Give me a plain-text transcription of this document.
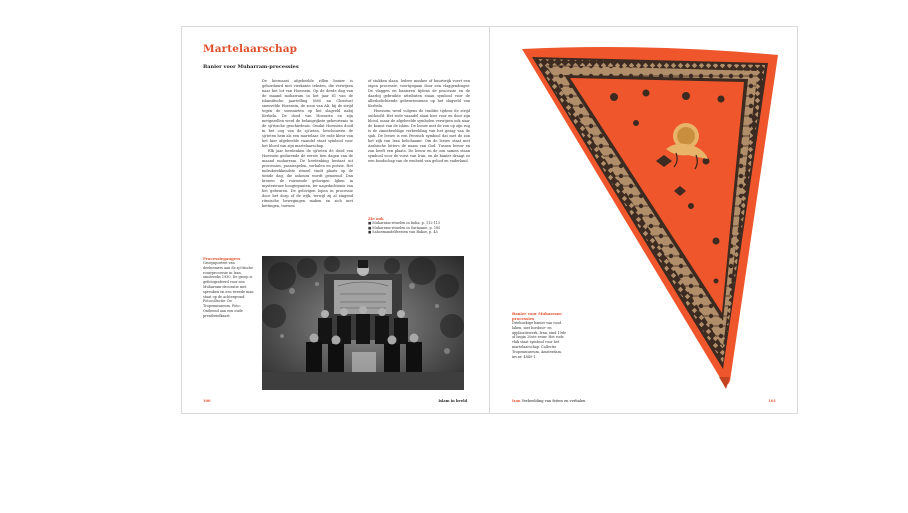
Martelaarschap
Banier voor Muharram-processies

De hiernaast afgebeelde rillen banier is geborduurd met vierkante teksten, die verwijzen naar het lot van Hoessein. Op de derde dag van de maand moharram in het jaar 61 van de islamitische jaartelling (680 na Christus) sneuvelde Hoessein, de zoon van Ali, bij de strijd tegen de soennieten op het slagveld nabij Kerbela. De dood van Hoessein en zijn metgezellen werd de belangrijkste gebeurtenis in de sji'itische geschiedenis. Omdat Hoessein dood in het oog van de sji'ieten, beschouwen de sji'ieten hem als een martelaar. De rode kleur van het hier afgebeelde vaandel staat symbool voor het bloed van zijn martelaarschap.

Elk jaar herdenken de sji'ieten de dood van Hoessein gedurende de eerste tien dagen van de maand moharram. De herdenking bestaat uit processies, passiespelen, verhalen en poëzie. Het indrukwekkendste ritueel vindt plaats op de tiende dag, die ashoura wordt genoemd. Dan kronen de rouwende gelovigen lijken in mysterieuze hoogtepunten, ter nagedachtenis van het gebeuren. De gelovigen lopen in processie door het dorp of de wijk, terwijl zij al zingend ritmische bewegingen maken en zich met kettingen, touwen

of stokken slaan. Iedere moskee of buurtwijk voert een eigen processie, voortgegaan door een vlaggendrager. De vlaggen en banieren tijdens de processie en de daarbij gebruikte attributen staan symbool voor de allesbelichtende gebeurtenissen op het slagveld van Kerbela.

Hoessein werd volgens de traditie tijdens de strijd onthoofd. Het rode vaandel staat hier voor en door zijn bloed, maar de afgebeelde symbolen verwijzen ook naar de komst van de islam. De leeuw met de zon op zijn rug is de zinnebeeldige verbeelding van het gezag van de sjah. De leeuw is een Perzisch symbool dat met de zon het rijk van Iran belichaamt. Om de leeuw staat met Arabische letters de naam van God. Tussen leeuw en zon heeft een plaats. De leeuw en de zon samen staan symbool voor de vorst van Iran, en de banier draagt zo een boodschap van de eenheid van geloof en vaderland.

Zie ook
■ Muharram-rituelen in India, p. 112-113
■ Muharram-rituelen in Suriname, p. 185
■ Sahoemandelfeesten van Bakoe, p. 45
Processiegangers
Groepsportret van deelnemers aan de sji'itische rouwprocessie in Iran, omstreeks 1930. De groep is gefotografeerd voor een Muharram-decoratie met spreuken en een tweede man staat op de achtergrond. Fotocollectie: De Tropenmuseum. Foto: Ontleend aan een oude prentbriefkaart.
100	Islam in beeld
Banier voor Muharram-processies
Driehoekige banier van rood laken, met borduur- en applicatiewerk. Iran, eind 19de of begin 20ste eeuw. Het rode vlak staat symbool voor het martelaarschap. Collectie Tropenmuseum, Amsterdam, inv.nr. 4849-1.
Iran Verbeelding van feiten en verhalen	101
